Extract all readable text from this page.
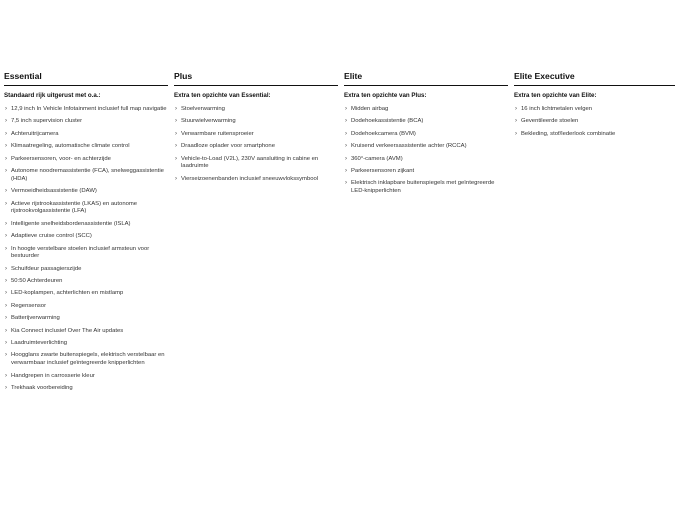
Essential
Standaard rijk uitgerust met o.a.:
› 12,9 inch In Vehicle Infotainment inclusief full map navigatie
› 7,5 inch supervision cluster
› Achteruitrijcamera
› Klimaatregeling, automatische climate control
› Parkeersensoren, voor- en achterzijde
› Autonome noodremassistentie (FCA), snelweggassistentie (HDA)
› Vermoeidheidsassistentie (DAW)
› Actieve rijstrookassistentie (LKAS) en autonome rijstrookvolgassistentie (LFA)
› Intelligente snelheidsbordenassistentie (ISLA)
› Adaptieve cruise control (SCC)
› In hoogte verstelbare stoelen inclusief armsteun voor bestuurder
› Schuifdeur passagierszijde
› 50:50 Achterdeuren
› LED-koplampen, achterlichten en mistlamp
› Regensensor
› Batterijverwarming
› Kia Connect inclusief Over The Air updates
› Laadruimteverlichting
› Hoogglans zwarte buitenspiegels, elektrisch verstelbaar en verwarmbaar inclusief geïntegreerde knipperlichten
› Handgrepen in carrosserie kleur
› Trekhaak voorbereiding
Plus
Extra ten opzichte van Essential:
› Stoelverwarming
› Stuurwielverwarming
› Verwarmbare ruitensproeier
› Draadloze oplader voor smartphone
› Vehicle-to-Load (V2L), 230V aansluiting in cabine en laadruimte
› Vierseizoenenbanden inclusief sneeuwvlokssymbool
Elite
Extra ten opzichte van Plus:
› Midden airbag
› Dodehoekassistentie (BCA)
› Dodehoekcamera (BVM)
› Kruisend verkeersassistentie achter (RCCA)
› 360°-camera (AVM)
› Parkeersensoren zijkant
› Elektrisch inklapbare buitenspiegels met geïntegreerde LED-knipperlichten
Elite Executive
Extra ten opzichte van Elite:
› 16 inch lichtmetalen velgen
› Geventileerde stoelen
› Bekleding, stof/lederlook combinatie
